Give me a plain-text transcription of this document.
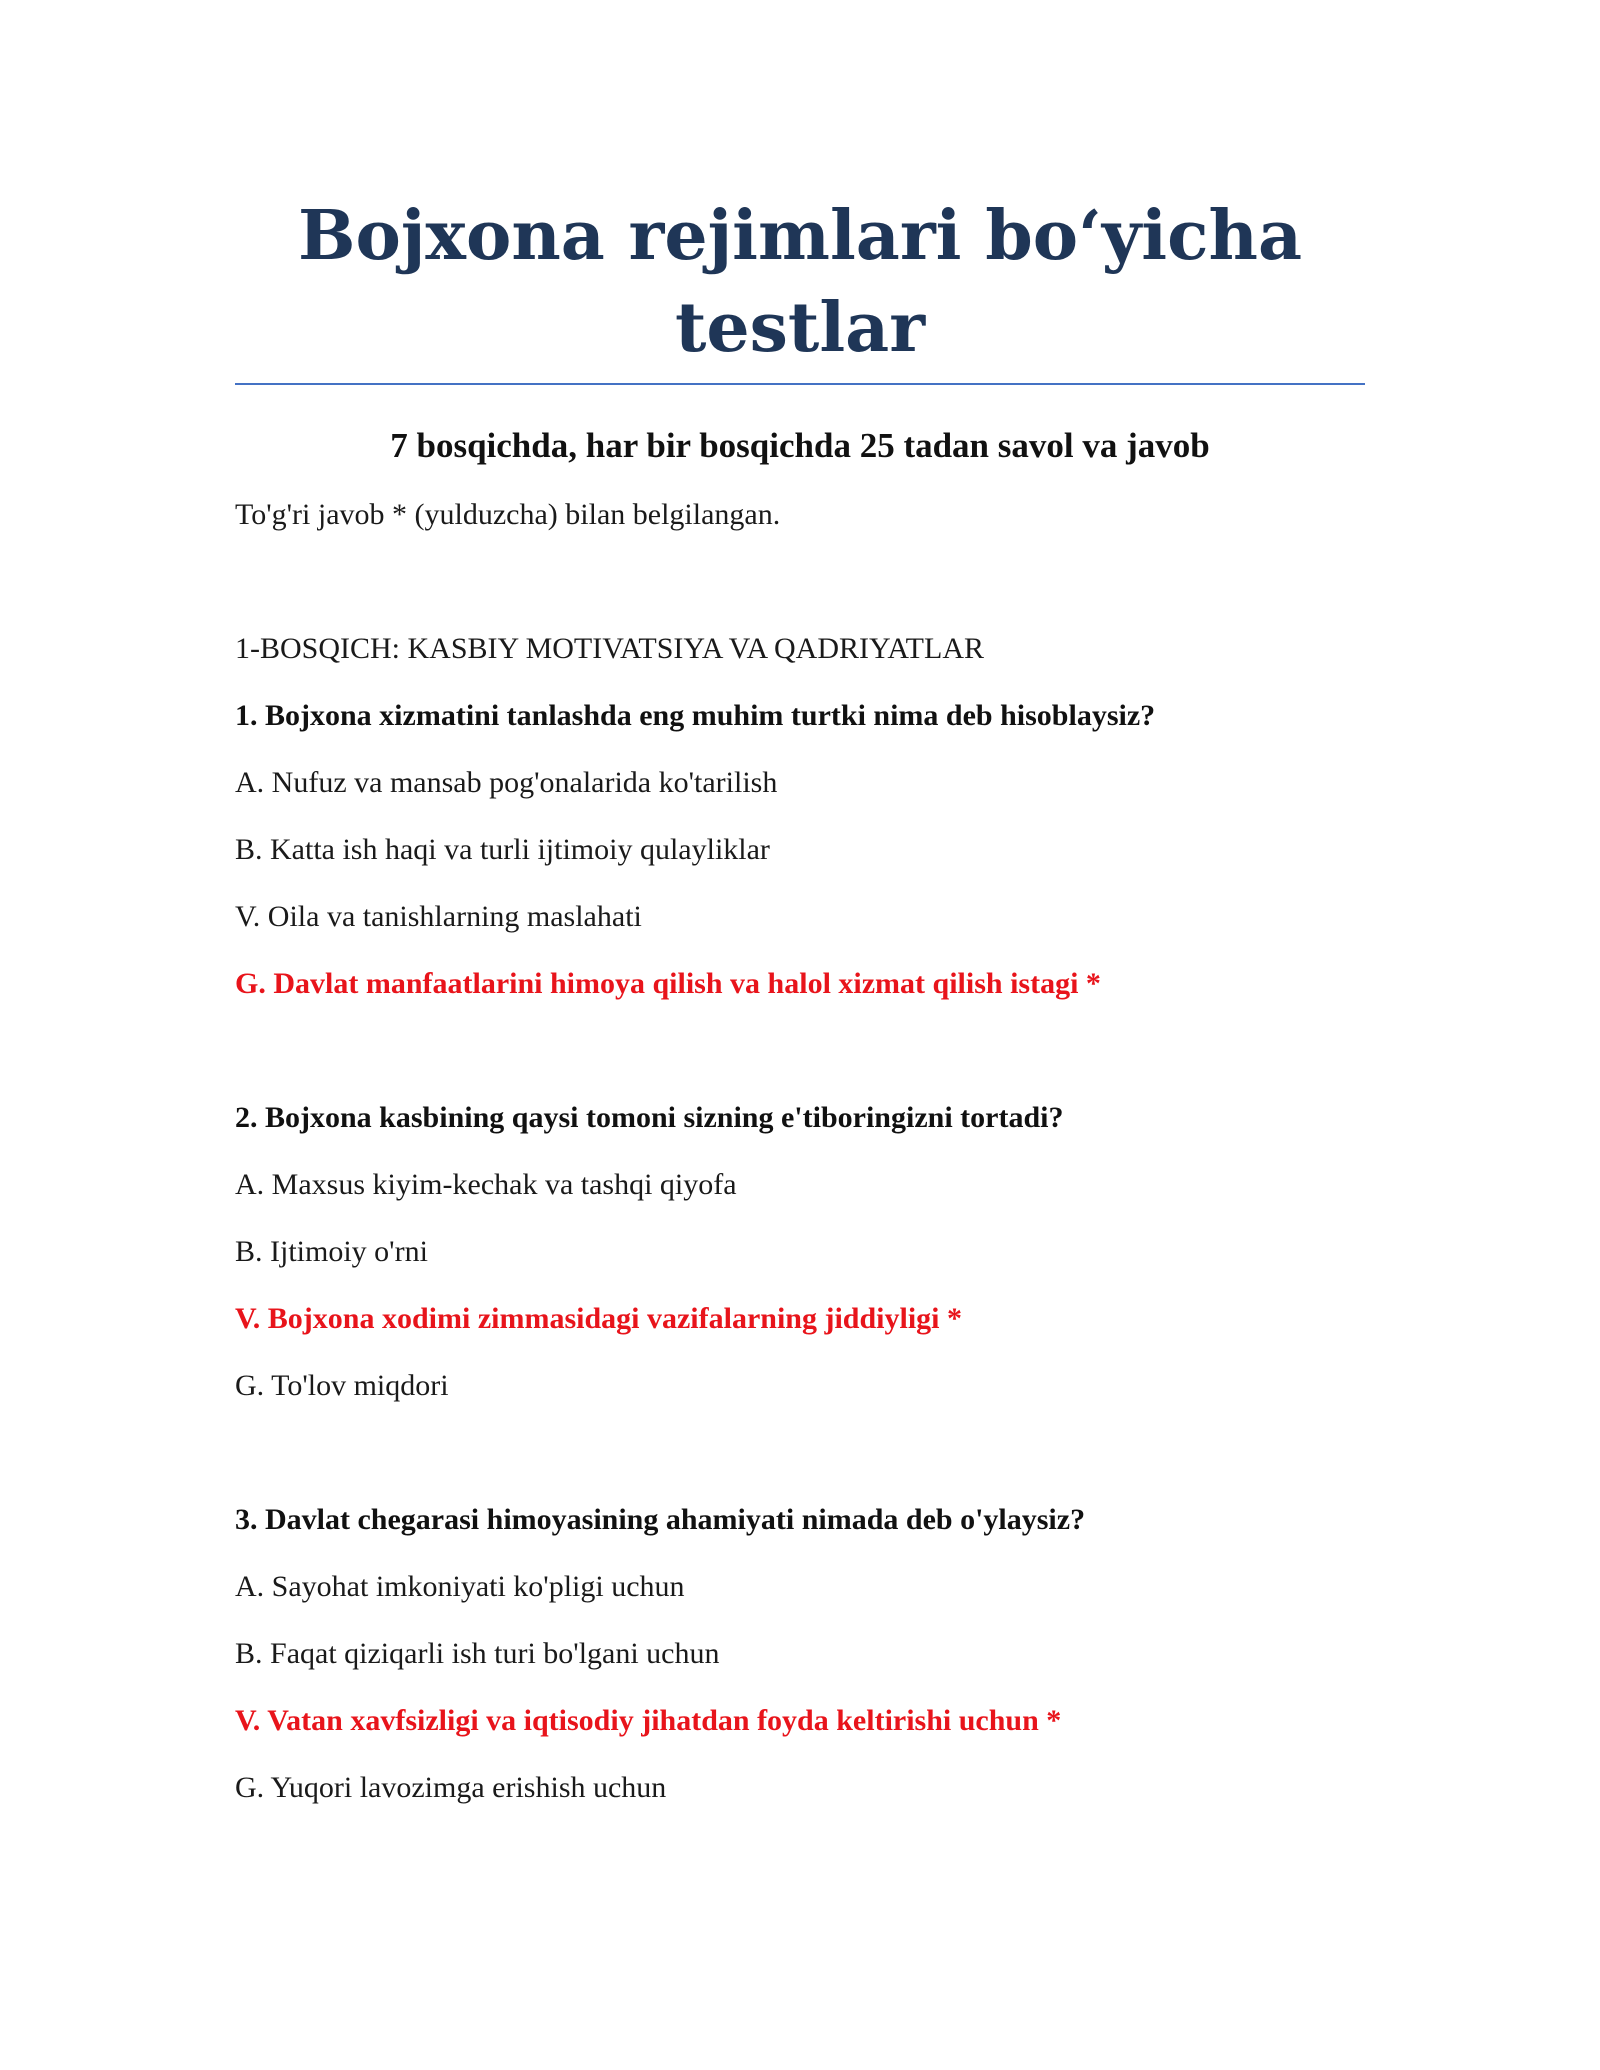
Bojxona rejimlari bo‘yicha testlar
7 bosqichda, har bir bosqichda 25 tadan savol va javob
To'g'ri javob * (yulduzcha) bilan belgilangan.
1-BOSQICH: KASBIY MOTIVATSIYA VA QADRIYATLAR
1. Bojxona xizmatini tanlashda eng muhim turtki nima deb hisoblaysiz?
A. Nufuz va mansab pog'onalarida ko'tarilish
B. Katta ish haqi va turli ijtimoiy qulayliklar
V. Oila va tanishlarning maslahati
G. Davlat manfaatlarini himoya qilish va halol xizmat qilish istagi *
2. Bojxona kasbining qaysi tomoni sizning e'tiboringizni tortadi?
A. Maxsus kiyim-kechak va tashqi qiyofa
B. Ijtimoiy o'rni
V. Bojxona xodimi zimmasidagi vazifalarning jiddiyligi *
G. To'lov miqdori
3. Davlat chegarasi himoyasining ahamiyati nimada deb o'ylaysiz?
A. Sayohat imkoniyati ko'pligi uchun
B. Faqat qiziqarli ish turi bo'lgani uchun
V. Vatan xavfsizligi va iqtisodiy jihatdan foyda keltirishi uchun *
G. Yuqori lavozimga erishish uchun
